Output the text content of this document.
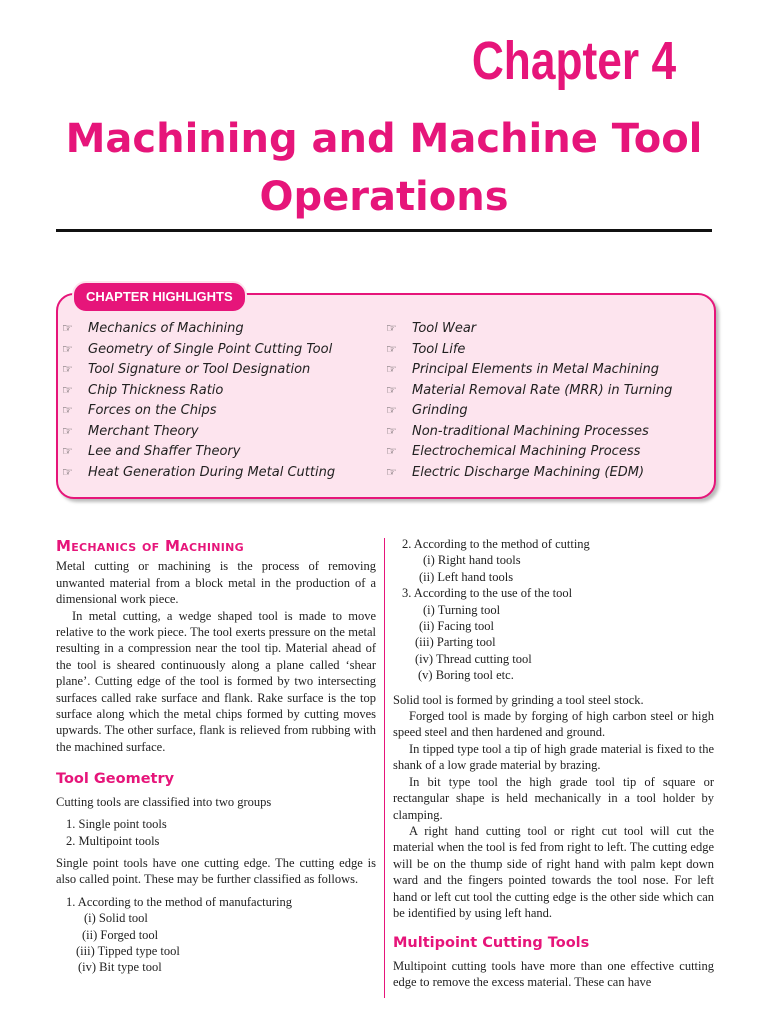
Chapter 4
Machining and Machine Tool
Operations
CHAPTER HIGHLIGHTS
☞ Mechanics of Machining
☞ Geometry of Single Point Cutting Tool
☞ Tool Signature or Tool Designation
☞ Chip Thickness Ratio
☞ Forces on the Chips
☞ Merchant Theory
☞ Lee and Shaffer Theory
☞ Heat Generation During Metal Cutting
☞ Tool Wear
☞ Tool Life
☞ Principal Elements in Metal Machining
☞ Material Removal Rate (MRR) in Turning
☞ Grinding
☞ Non-traditional Machining Processes
☞ Electrochemical Machining Process
☞ Electric Discharge Machining (EDM)
Mechanics of Machining

Metal cutting or machining is the process of removing unwanted material from a block metal in the production of a dimensional work piece.

In metal cutting, a wedge shaped tool is made to move relative to the work piece. The tool exerts pressure on the metal resulting in a compression near the tool tip. Material ahead of the tool is sheared continuously along a plane called ‘shear plane’. Cutting edge of the tool is formed by two intersecting surfaces called rake surface and flank. Rake surface is the top surface along which the metal chips formed by cutting moves upwards. The other surface, flank is relieved from rubbing with the machined surface.

Tool Geometry

Cutting tools are classified into two groups

1. Single point tools
2. Multipoint tools

Single point tools have one cutting edge. The cutting edge is also called point. These may be further classified as follows.

1. According to the method of manufacturing
(i) Solid tool
(ii) Forged tool
(iii) Tipped type tool
(iv) Bit type tool
2. According to the method of cutting
(i) Right hand tools
(ii) Left hand tools
3. According to the use of the tool
(i) Turning tool
(ii) Facing tool
(iii) Parting tool
(iv) Thread cutting tool
(v) Boring tool etc.

Solid tool is formed by grinding a tool steel stock.

Forged tool is made by forging of high carbon steel or high speed steel and then hardened and ground.

In tipped type tool a tip of high grade material is fixed to the shank of a low grade material by brazing.

In bit type tool the high grade tool tip of square or rectangular shape is held mechanically in a tool holder by clamping.

A right hand cutting tool or right cut tool will cut the material when the tool is fed from right to left. The cutting edge will be on the thump side of right hand with palm kept down ward and the fingers pointed towards the tool nose. For left hand or left cut tool the cutting edge is the other side which can be identified by using left hand.

Multipoint Cutting Tools

Multipoint cutting tools have more than one effective cutting edge to remove the excess material. These can have
